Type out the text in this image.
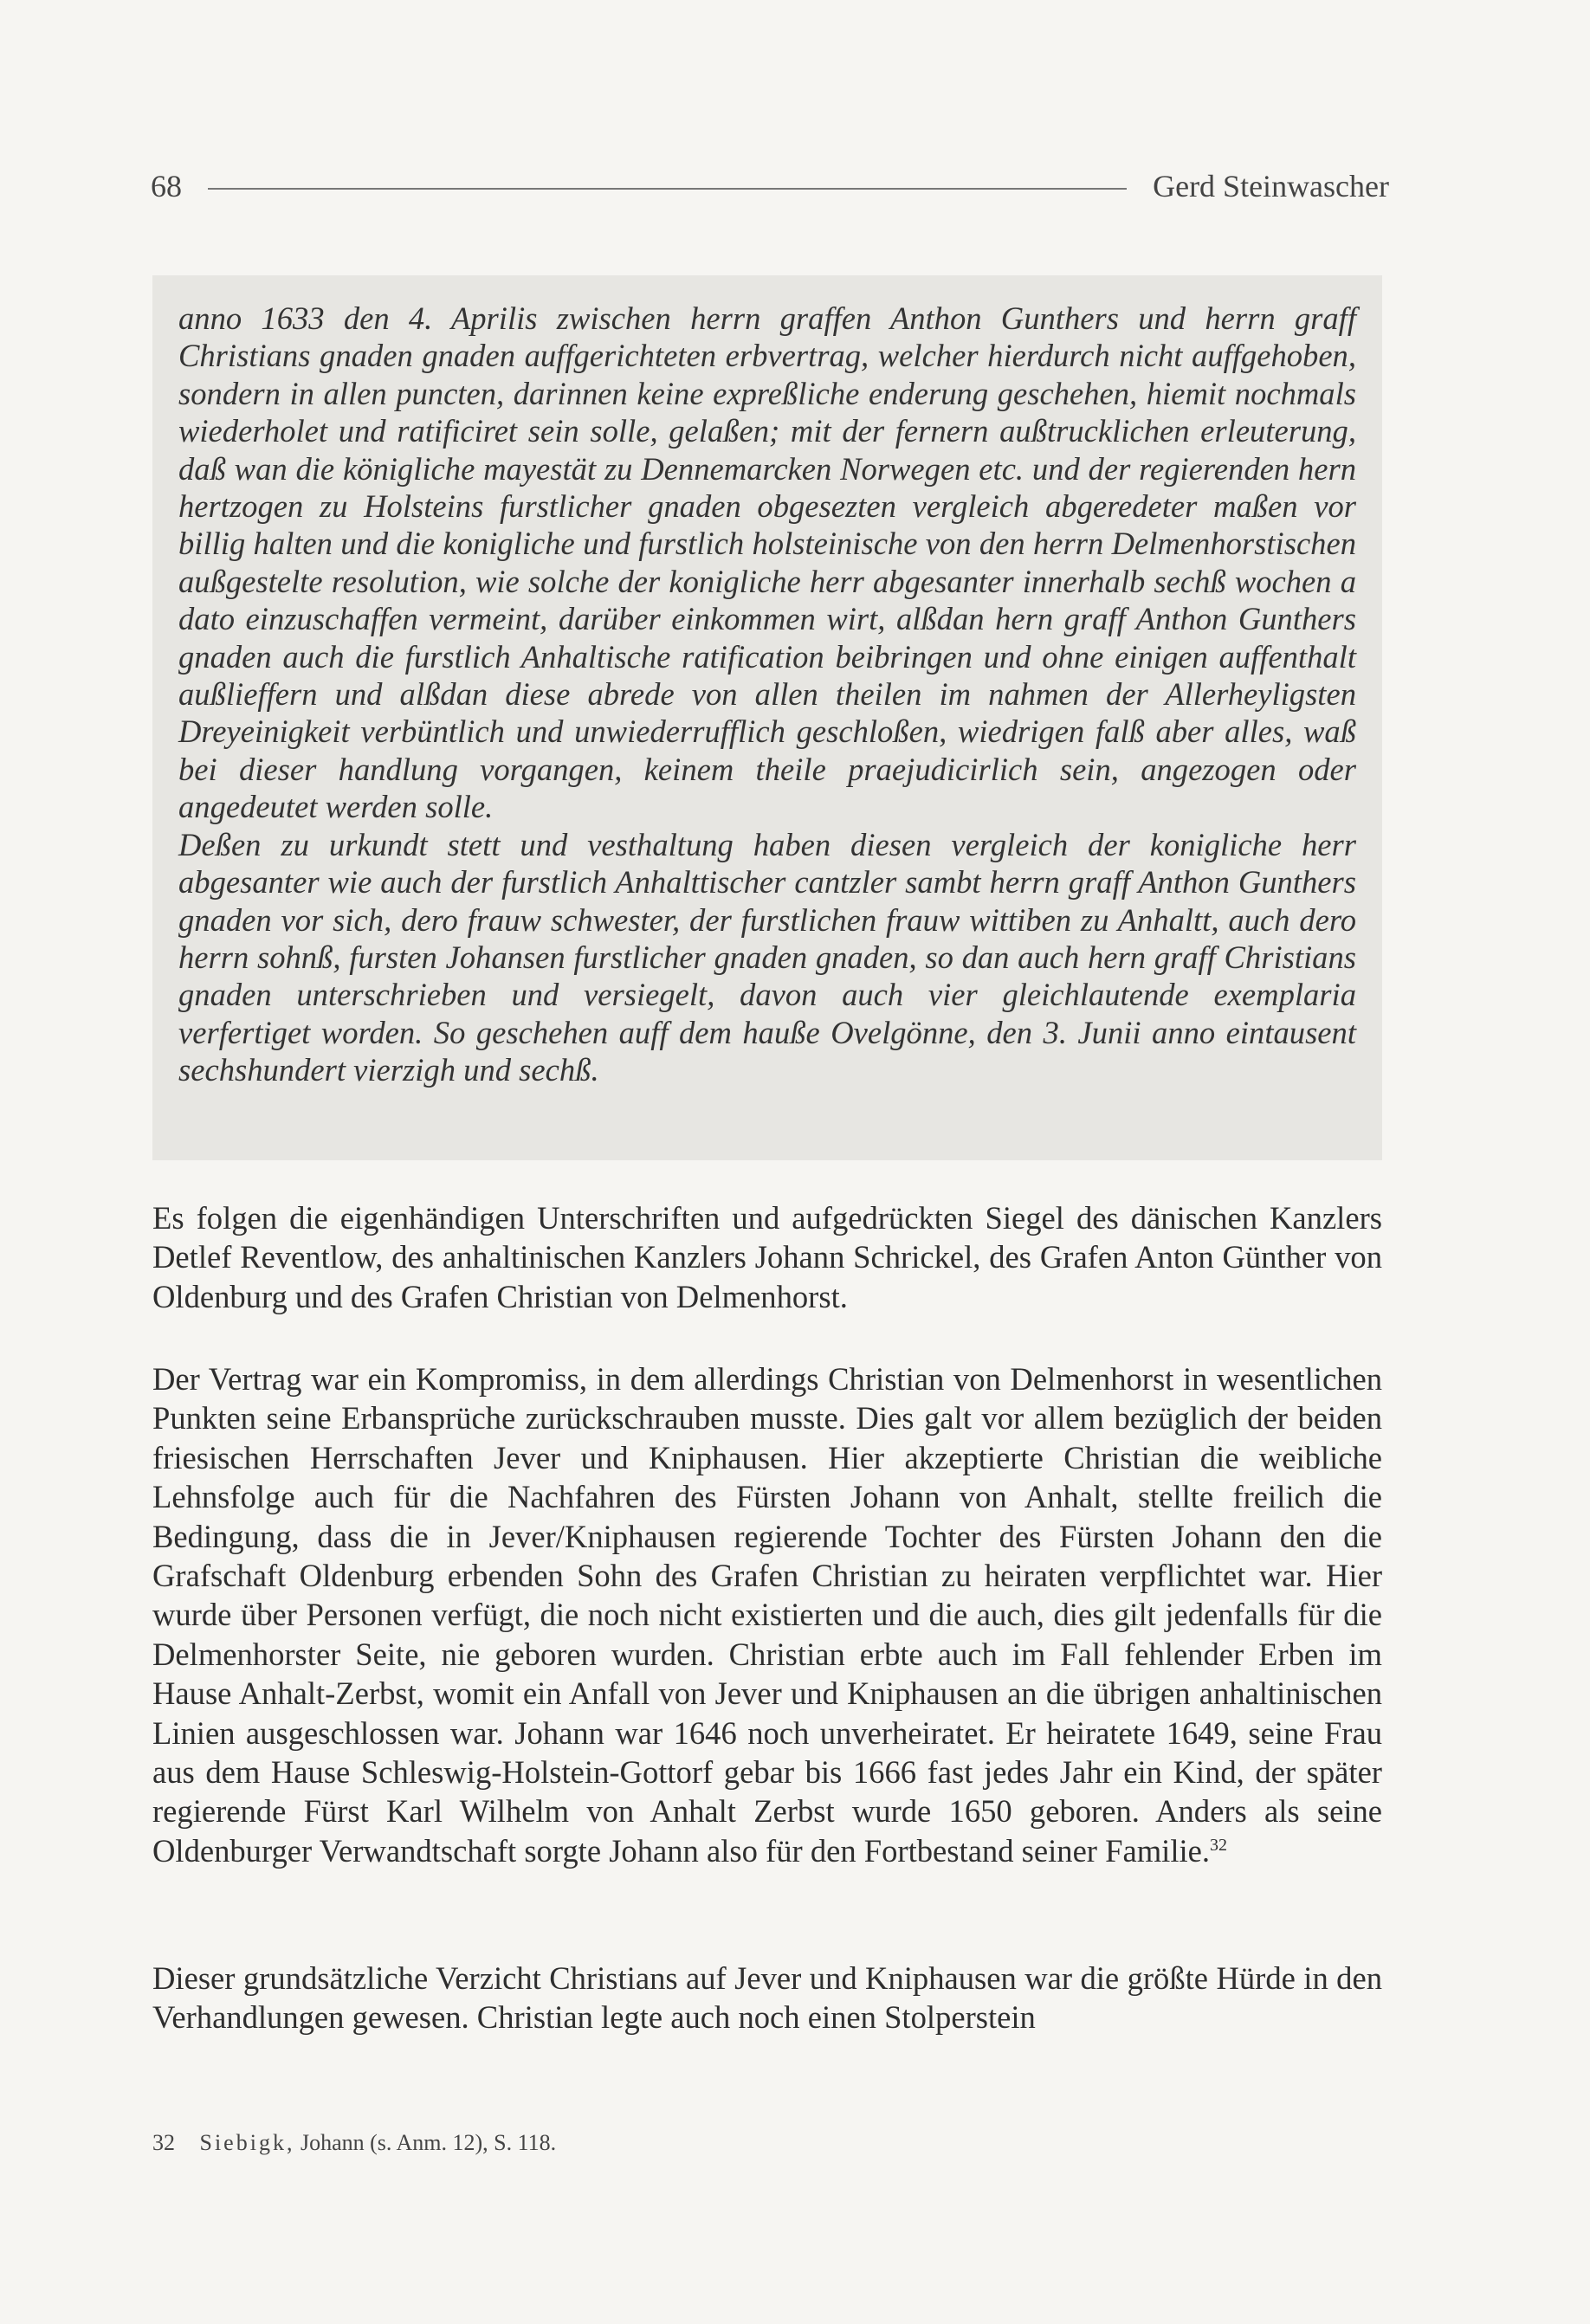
68	Gerd Steinwascher

anno 1633 den 4. Aprilis zwischen herrn graffen Anthon Gunthers und herrn graff Christians gnaden gnaden auffgerichteten erbvertrag, welcher hierdurch nicht auffgehoben, sondern in allen puncten, darinnen keine expreßliche enderung geschehen, hiemit nochmals wiederholet und ratificiret sein solle, gelaßen; mit der fernern außtrucklichen erleuterung, daß wan die königliche mayestät zu Dennemarcken Norwegen etc. und der regierenden hern hertzogen zu Holsteins furstlicher gnaden obgesezten vergleich abgeredeter maßen vor billig halten und die konigliche und furstlich holsteinische von den herrn Delmenhorstischen außgestelte resolution, wie solche der konigliche herr abgesanter innerhalb sechß wochen a dato einzuschaffen vermeint, darüber einkommen wirt, alßdan hern graff Anthon Gunthers gnaden auch die furstlich Anhaltische ratification beibringen und ohne einigen auffenthalt außlieffern und alßdan diese abrede von allen theilen im nahmen der Allerheyligsten Dreyeinigkeit verbüntlich und unwiederrufflich geschloßen, wiedrigen falß aber alles, waß bei dieser handlung vorgangen, keinem theile praejudicirlich sein, angezogen oder angedeutet werden solle.

Deßen zu urkundt stett und vesthaltung haben diesen vergleich der konigliche herr abgesanter wie auch der furstlich Anhalttischer cantzler sambt herrn graff Anthon Gunthers gnaden vor sich, dero frauw schwester, der furstlichen frauw wittiben zu Anhaltt, auch dero herrn sohnß, fursten Johansen furstlicher gnaden gnaden, so dan auch hern graff Christians gnaden unterschrieben und versiegelt, davon auch vier gleichlautende exemplaria verfertiget worden. So geschehen auff dem hauße Ovelgönne, den 3. Junii anno eintausent sechshundert vierzigh und sechß.

Es folgen die eigenhändigen Unterschriften und aufgedrückten Siegel des dänischen Kanzlers Detlef Reventlow, des anhaltinischen Kanzlers Johann Schrickel, des Grafen Anton Günther von Oldenburg und des Grafen Christian von Delmenhorst.

Der Vertrag war ein Kompromiss, in dem allerdings Christian von Delmenhorst in wesentlichen Punkten seine Erbansprüche zurückschrauben musste. Dies galt vor allem bezüglich der beiden friesischen Herrschaften Jever und Kniphausen. Hier akzeptierte Christian die weibliche Lehnsfolge auch für die Nachfahren des Fürsten Johann von Anhalt, stellte freilich die Bedingung, dass die in Jever/Kniphausen regierende Tochter des Fürsten Johann den die Grafschaft Oldenburg erbenden Sohn des Grafen Christian zu heiraten verpflichtet war. Hier wurde über Personen verfügt, die noch nicht existierten und die auch, dies gilt jedenfalls für die Delmenhorster Seite, nie geboren wurden. Christian erbte auch im Fall fehlender Erben im Hause Anhalt-Zerbst, womit ein Anfall von Jever und Kniphausen an die übrigen anhaltinischen Linien ausgeschlossen war. Johann war 1646 noch unverheiratet. Er heiratete 1649, seine Frau aus dem Hause Schleswig-Holstein-Gottorf gebar bis 1666 fast jedes Jahr ein Kind, der später regierende Fürst Karl Wilhelm von Anhalt Zerbst wurde 1650 geboren. Anders als seine Oldenburger Verwandtschaft sorgte Johann also für den Fortbestand seiner Familie.$^{32}$

Dieser grundsätzliche Verzicht Christians auf Jever und Kniphausen war die größte Hürde in den Verhandlungen gewesen. Christian legte auch noch einen Stolperstein

32 Siebigk, Johann (s. Anm. 12), S. 118.
